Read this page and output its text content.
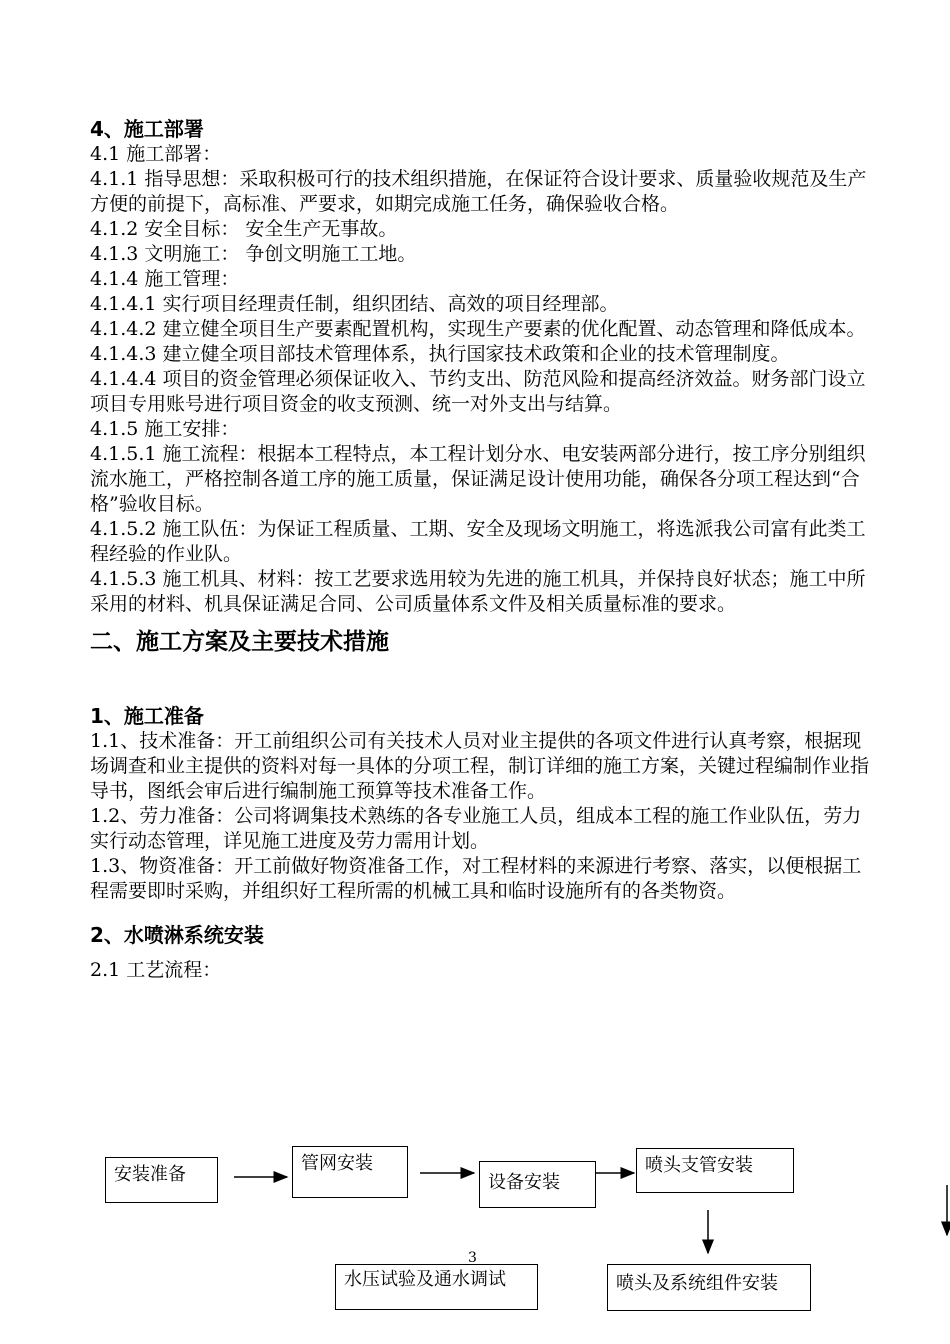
4、施工部署

4.1 施工部署：

4.1.1 指导思想：采取积极可行的技术组织措施，在保证符合设计要求、质量验收规范及生产方便的前提下，高标准、严要求，如期完成施工任务，确保验收合格。

4.1.2 安全目标： 安全生产无事故。

4.1.3 文明施工： 争创文明施工工地。

4.1.4 施工管理：

4.1.4.1 实行项目经理责任制，组织团结、高效的项目经理部。

4.1.4.2 建立健全项目生产要素配置机构，实现生产要素的优化配置、动态管理和降低成本。

4.1.4.3 建立健全项目部技术管理体系，执行国家技术政策和企业的技术管理制度。

4.1.4.4 项目的资金管理必须保证收入、节约支出、防范风险和提高经济效益。财务部门设立项目专用账号进行项目资金的收支预测、统一对外支出与结算。

4.1.5 施工安排：

4.1.5.1 施工流程：根据本工程特点，本工程计划分水、电安装两部分进行，按工序分别组织流水施工，严格控制各道工序的施工质量，保证满足设计使用功能，确保各分项工程达到“合格”验收目标。

4.1.5.2 施工队伍：为保证工程质量、工期、安全及现场文明施工，将选派我公司富有此类工程经验的作业队。

4.1.5.3 施工机具、材料：按工艺要求选用较为先进的施工机具，并保持良好状态；施工中所采用的材料、机具保证满足合同、公司质量体系文件及相关质量标准的要求。

二、施工方案及主要技术措施

1、施工准备

1.1、技术准备：开工前组织公司有关技术人员对业主提供的各项文件进行认真考察，根据现场调查和业主提供的资料对每一具体的分项工程，制订详细的施工方案，关键过程编制作业指导书，图纸会审后进行编制施工预算等技术准备工作。

1.2、劳力准备：公司将调集技术熟练的各专业施工人员，组成本工程的施工作业队伍，劳力实行动态管理，详见施工进度及劳力需用计划。

1.3、物资准备：开工前做好物资准备工作，对工程材料的来源进行考察、落实，以便根据工程需要即时采购，并组织好工程所需的机械工具和临时设施所有的各类物资。

2、水喷淋系统安装

2.1 工艺流程：

安装准备
管网安装
设备安装
喷头支管安装
喷头及系统组件安装
水压试验及通水调试
3
